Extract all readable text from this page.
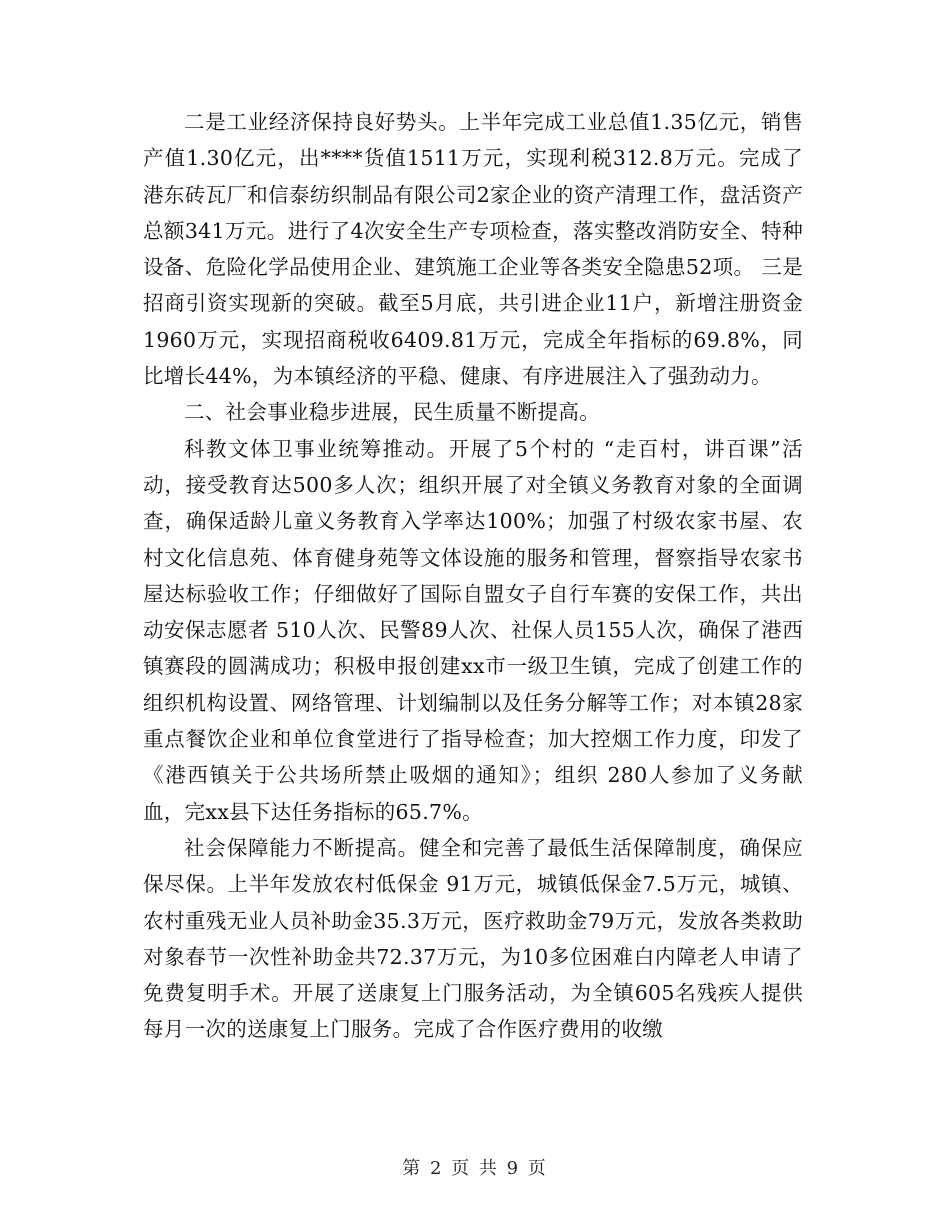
二是工业经济保持良好势头。上半年完成工业总值1.35亿元，销售产值1.30亿元，出****货值1511万元，实现利税312.8万元。完成了港东砖瓦厂和信泰纺织制品有限公司2家企业的资产清理工作，盘活资产总额341万元。进行了4次安全生产专项检查，落实整改消防安全、特种设备、危险化学品使用企业、建筑施工企业等各类安全隐患52项。 三是招商引资实现新的突破。截至5月底，共引进企业11户，新增注册资金1960万元，实现招商税收6409.81万元，完成全年指标的69.8%，同比增长44%，为本镇经济的平稳、健康、有序进展注入了强劲动力。

二、社会事业稳步进展，民生质量不断提高。

科教文体卫事业统筹推动。开展了5个村的 “走百村，讲百课”活动，接受教育达500多人次；组织开展了对全镇义务教育对象的全面调查，确保适龄儿童义务教育入学率达100%；加强了村级农家书屋、农村文化信息苑、体育健身苑等文体设施的服务和管理，督察指导农家书屋达标验收工作；仔细做好了国际自盟女子自行车赛的安保工作，共出动安保志愿者 510人次、民警89人次、社保人员155人次，确保了港西镇赛段的圆满成功；积极申报创建xx市一级卫生镇，完成了创建工作的组织机构设置、网络管理、计划编制以及任务分解等工作；对本镇28家重点餐饮企业和单位食堂进行了指导检查；加大控烟工作力度，印发了《港西镇关于公共场所禁止吸烟的通知》；组织 280人参加了义务献血，完xx县下达任务指标的65.7%。

社会保障能力不断提高。健全和完善了最低生活保障制度，确保应保尽保。上半年发放农村低保金 91万元，城镇低保金7.5万元，城镇、农村重残无业人员补助金35.3万元，医疗救助金79万元，发放各类救助对象春节一次性补助金共72.37万元，为10多位困难白内障老人申请了免费复明手术。开展了送康复上门服务活动，为全镇605名残疾人提供每月一次的送康复上门服务。完成了合作医疗费用的收缴

第 2 页 共 9 页
